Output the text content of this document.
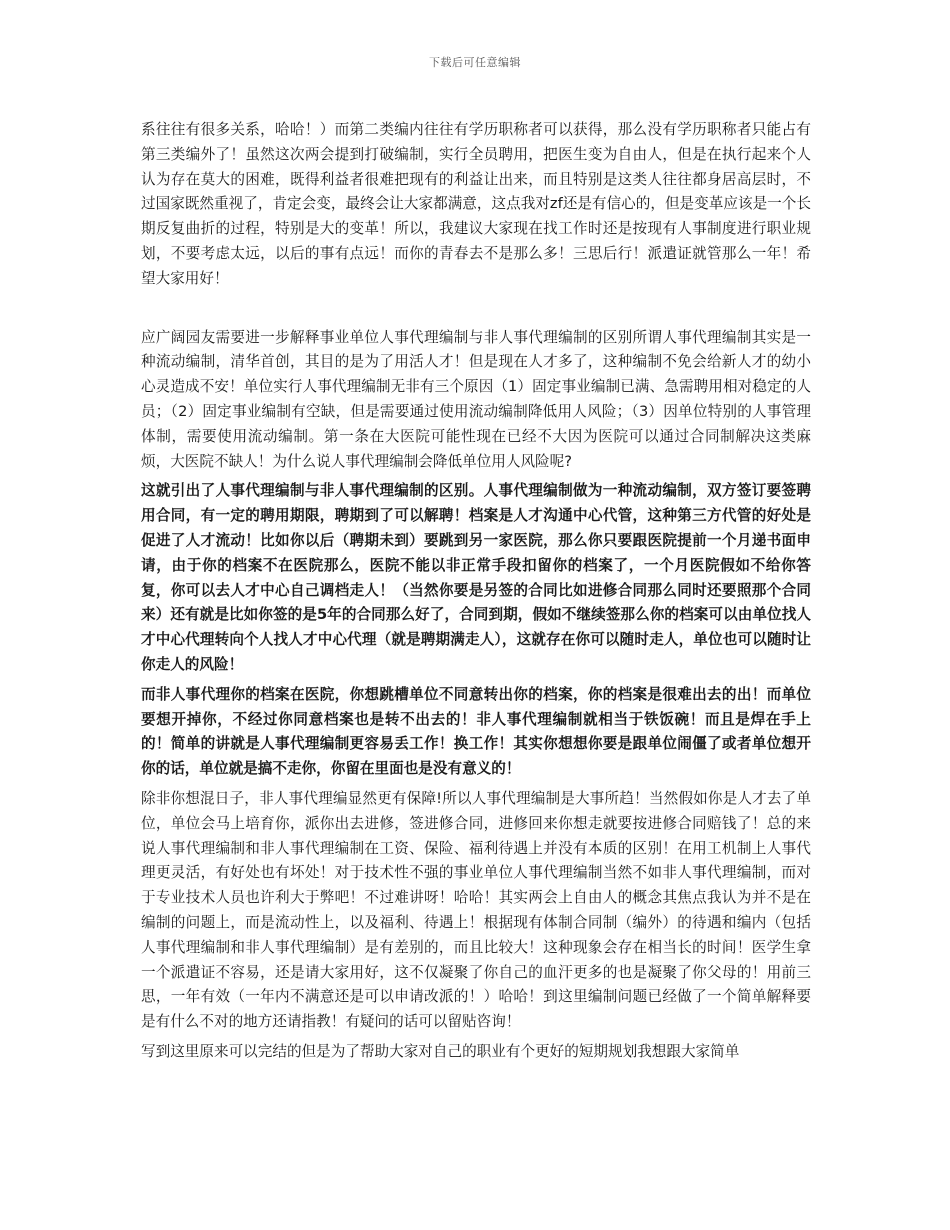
下载后可任意编辑

系往往有很多关系，哈哈！）而第二类编内往往有学历职称者可以获得，那么没有学历职称者只能占有第三类编外了！虽然这次两会提到打破编制，实行全员聘用，把医生变为自由人，但是在执行起来个人认为存在莫大的困难，既得利益者很难把现有的利益让出来，而且特别是这类人往往都身居高层时，不过国家既然重视了，肯定会变，最终会让大家都满意，这点我对zf还是有信心的，但是变革应该是一个长期反复曲折的过程，特别是大的变革！所以，我建议大家现在找工作时还是按现有人事制度进行职业规划，不要考虑太远，以后的事有点远！而你的青春去不是那么多！三思后行！派遣证就管那么一年！希望大家用好！

应广阔园友需要进一步解释事业单位人事代理编制与非人事代理编制的区别所谓人事代理编制其实是一种流动编制，清华首创，其目的是为了用活人才！但是现在人才多了，这种编制不免会给新人才的幼小心灵造成不安！单位实行人事代理编制无非有三个原因（1）固定事业编制已满、急需聘用相对稳定的人员；（2）固定事业编制有空缺，但是需要通过使用流动编制降低用人风险；（3）因单位特别的人事管理体制，需要使用流动编制。第一条在大医院可能性现在已经不大因为医院可以通过合同制解决这类麻烦，大医院不缺人！为什么说人事代理编制会降低单位用人风险呢?

这就引出了人事代理编制与非人事代理编制的区别。人事代理编制做为一种流动编制，双方签订要签聘用合同，有一定的聘用期限，聘期到了可以解聘！档案是人才沟通中心代管，这种第三方代管的好处是促进了人才流动！比如你以后（聘期未到）要跳到另一家医院，那么你只要跟医院提前一个月递书面申请，由于你的档案不在医院那么，医院不能以非正常手段扣留你的档案了，一个月医院假如不给你答复，你可以去人才中心自己调档走人！（当然你要是另签的合同比如进修合同那么同时还要照那个合同来）还有就是比如你签的是5年的合同那么好了，合同到期，假如不继续签那么你的档案可以由单位找人才中心代理转向个人找人才中心代理（就是聘期满走人），这就存在你可以随时走人，单位也可以随时让你走人的风险！

而非人事代理你的档案在医院，你想跳槽单位不同意转出你的档案，你的档案是很难出去的出！而单位要想开掉你，不经过你同意档案也是转不出去的！非人事代理编制就相当于铁饭碗！而且是焊在手上的！简单的讲就是人事代理编制更容易丢工作！换工作！其实你想想你要是跟单位闹僵了或者单位想开你的话，单位就是搞不走你，你留在里面也是没有意义的！

除非你想混日子，非人事代理编显然更有保障!所以人事代理编制是大事所趋！当然假如你是人才去了单位，单位会马上培育你，派你出去进修，签进修合同，进修回来你想走就要按进修合同赔钱了！总的来说人事代理编制和非人事代理编制在工资、保险、福利待遇上并没有本质的区别！在用工机制上人事代理更灵活，有好处也有坏处！对于技术性不强的事业单位人事代理编制当然不如非人事代理编制，而对于专业技术人员也许利大于弊吧！不过难讲呀！哈哈！其实两会上自由人的概念其焦点我认为并不是在编制的问题上，而是流动性上，以及福利、待遇上！根据现有体制合同制（编外）的待遇和编内（包括人事代理编制和非人事代理编制）是有差别的，而且比较大！这种现象会存在相当长的时间！医学生拿一个派遣证不容易，还是请大家用好，这不仅凝聚了你自己的血汗更多的也是凝聚了你父母的！用前三思，一年有效（一年内不满意还是可以申请改派的！）哈哈！到这里编制问题已经做了一个简单解释要是有什么不对的地方还请指教！有疑问的话可以留贴咨询！

写到这里原来可以完结的但是为了帮助大家对自己的职业有个更好的短期规划我想跟大家简单
